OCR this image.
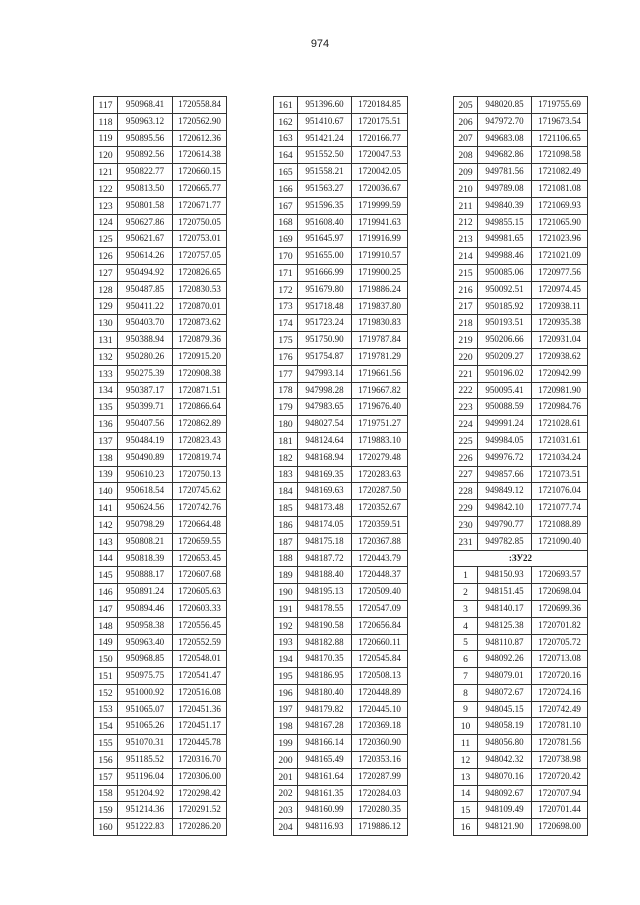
974
117	950968.41	1720558.84
118	950963.12	1720562.90
119	950895.56	1720612.36
120	950892.56	1720614.38
121	950822.77	1720660.15
122	950813.50	1720665.77
123	950801.58	1720671.77
124	950627.86	1720750.05
125	950621.67	1720753.01
126	950614.26	1720757.05
127	950494.92	1720826.65
128	950487.85	1720830.53
129	950411.22	1720870.01
130	950403.70	1720873.62
131	950388.94	1720879.36
132	950280.26	1720915.20
133	950275.39	1720908.38
134	950387.17	1720871.51
135	950399.71	1720866.64
136	950407.56	1720862.89
137	950484.19	1720823.43
138	950490.89	1720819.74
139	950610.23	1720750.13
140	950618.54	1720745.62
141	950624.56	1720742.76
142	950798.29	1720664.48
143	950808.21	1720659.55
144	950818.39	1720653.45
145	950888.17	1720607.68
146	950891.24	1720605.63
147	950894.46	1720603.33
148	950958.38	1720556.45
149	950963.40	1720552.59
150	950968.85	1720548.01
151	950975.75	1720541.47
152	951000.92	1720516.08
153	951065.07	1720451.36
154	951065.26	1720451.17
155	951070.31	1720445.78
156	951185.52	1720316.70
157	951196.04	1720306.00
158	951204.92	1720298.42
159	951214.36	1720291.52
160	951222.83	1720286.20
161	951396.60	1720184.85
162	951410.67	1720175.51
163	951421.24	1720166.77
164	951552.50	1720047.53
165	951558.21	1720042.05
166	951563.27	1720036.67
167	951596.35	1719999.59
168	951608.40	1719941.63
169	951645.97	1719916.99
170	951655.00	1719910.57
171	951666.99	1719900.25
172	951679.80	1719886.24
173	951718.48	1719837.80
174	951723.24	1719830.83
175	951750.90	1719787.84
176	951754.87	1719781.29
177	947993.14	1719661.56
178	947998.28	1719667.82
179	947983.65	1719676.40
180	948027.54	1719751.27
181	948124.64	1719883.10
182	948168.94	1720279.48
183	948169.35	1720283.63
184	948169.63	1720287.50
185	948173.48	1720352.67
186	948174.05	1720359.51
187	948175.18	1720367.88
188	948187.72	1720443.79
189	948188.40	1720448.37
190	948195.13	1720509.40
191	948178.55	1720547.09
192	948190.58	1720656.84
193	948182.88	1720660.11
194	948170.35	1720545.84
195	948186.95	1720508.13
196	948180.40	1720448.89
197	948179.82	1720445.10
198	948167.28	1720369.18
199	948166.14	1720360.90
200	948165.49	1720353.16
201	948161.64	1720287.99
202	948161.35	1720284.03
203	948160.99	1720280.35
204	948116.93	1719886.12
205	948020.85	1719755.69
206	947972.70	1719673.54
207	949683.08	1721106.65
208	949682.86	1721098.58
209	949781.56	1721082.49
210	949789.08	1721081.08
211	949840.39	1721069.93
212	949855.15	1721065.90
213	949981.65	1721023.96
214	949988.46	1721021.09
215	950085.06	1720977.56
216	950092.51	1720974.45
217	950185.92	1720938.11
218	950193.51	1720935.38
219	950206.66	1720931.04
220	950209.27	1720938.62
221	950196.02	1720942.99
222	950095.41	1720981.90
223	950088.59	1720984.76
224	949991.24	1721028.61
225	949984.05	1721031.61
226	949976.72	1721034.24
227	949857.66	1721073.51
228	949849.12	1721076.04
229	949842.10	1721077.74
230	949790.77	1721088.89
231	949782.85	1721090.40
:ЗУ22		
1	948150.93	1720693.57
2	948151.45	1720698.04
3	948140.17	1720699.36
4	948125.38	1720701.82
5	948110.87	1720705.72
6	948092.26	1720713.08
7	948079.01	1720720.16
8	948072.67	1720724.16
9	948045.15	1720742.49
10	948058.19	1720781.10
11	948056.80	1720781.56
12	948042.32	1720738.98
13	948070.16	1720720.42
14	948092.67	1720707.94
15	948109.49	1720701.44
16	948121.90	1720698.00
